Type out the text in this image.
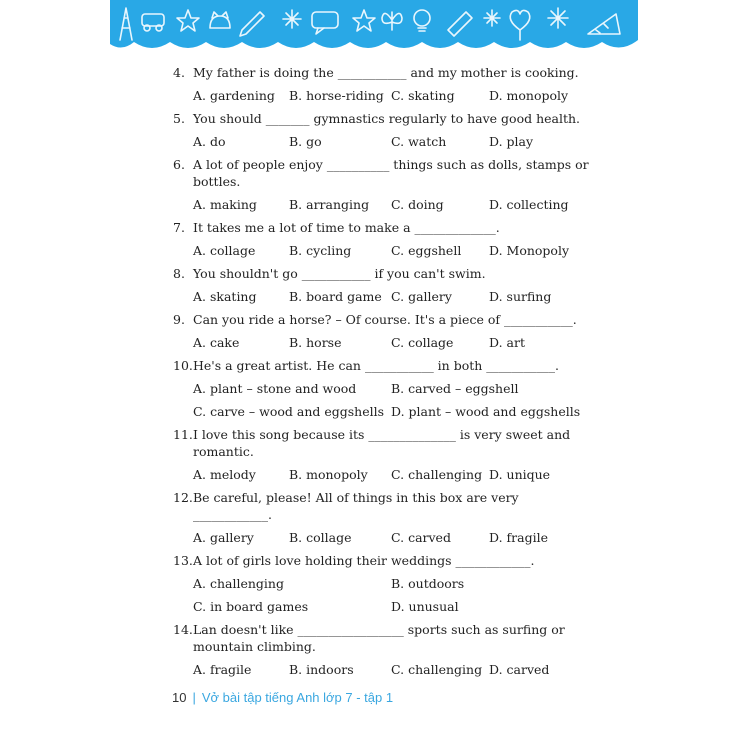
4. My father is doing the ___________ and my mother is cooking.
A. gardening B. horse-riding C. skating	D. monopoly
5. You should _______ gymnastics regularly to have good health.
A. do	B. go	C. watch	D. play
6. A lot of people enjoy __________ things such as dolls, stamps or bottles.
A. making	B. arranging C. doing	D. collecting
7. It takes me a lot of time to make a _____________.
A. collage	B. cycling	C. eggshell D. Monopoly
8. You shouldn't go ___________ if you can't swim.
A. skating	B. board game C. gallery	D. surfing
9. Can you ride a horse? – Of course. It's a piece of ___________.
A. cake	B. horse	C. collage	D. art
10. He's a great artist. He can ___________ in both ___________.
A. plant – stone and wood	B. carved – eggshell
C. carve – wood and eggshells D. plant – wood and eggshells
11. I love this song because its ______________ is very sweet and romantic.
A. melody	B. monopoly C. challenging D. unique
12. Be careful, please! All of things in this box are very ____________.
A. gallery	B. collage	C. carved	D. fragile
13. A lot of girls love holding their weddings ____________.
A. challenging	B. outdoors
C. in board games	D. unusual
14. Lan doesn't like _________________ sports such as surfing or mountain climbing.
A. fragile	B. indoors	C. challenging D. carved
10 | Vở bài tập tiếng Anh lớp 7 - tập 1
